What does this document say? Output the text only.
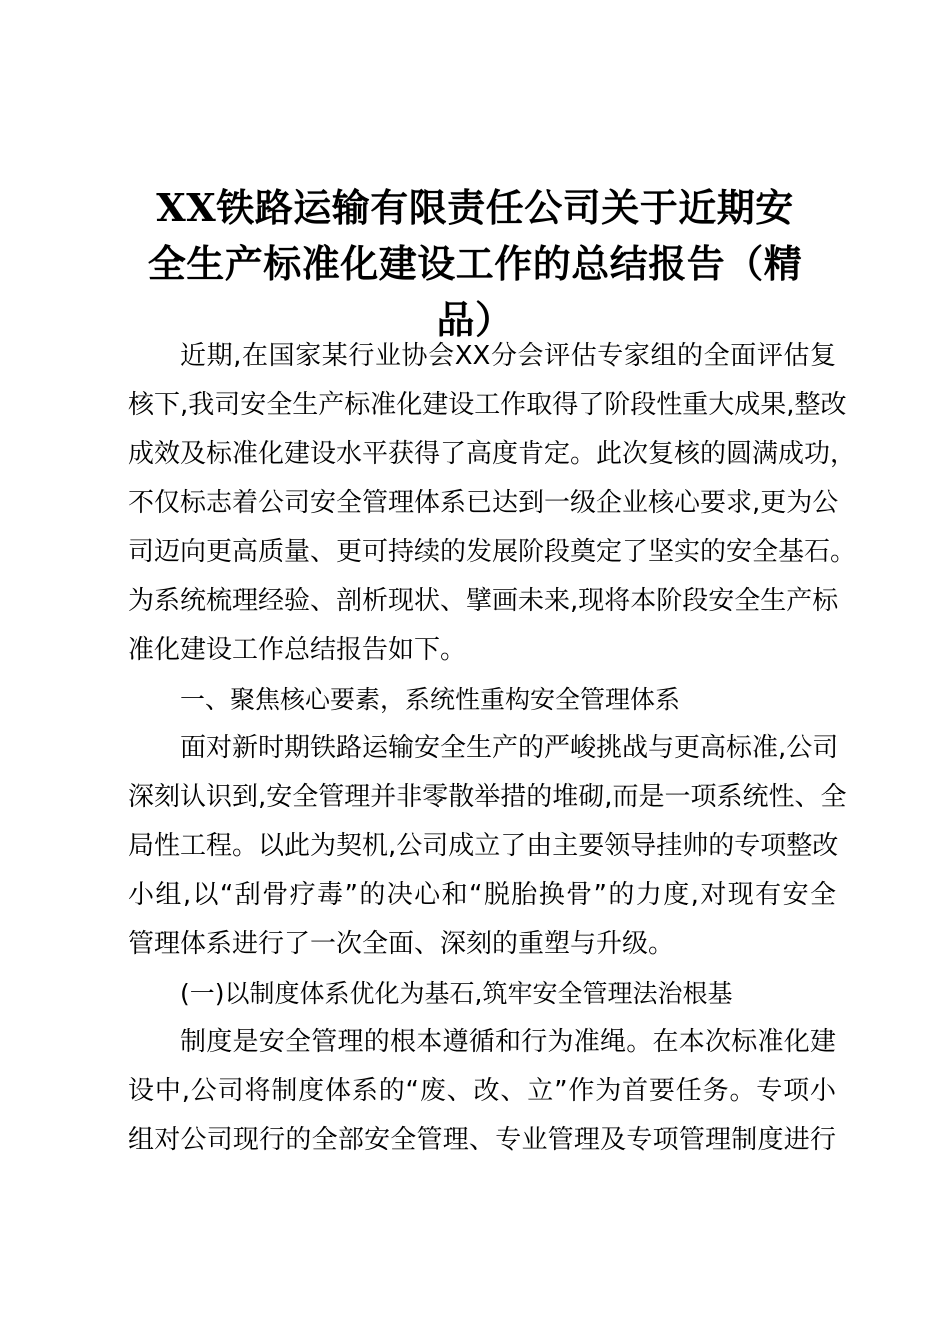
XX铁路运输有限责任公司关于近期安
全生产标准化建设工作的总结报告（精
品）
近期,在国家某行业协会XX分会评估专家组的全面评估复
核下,我司安全生产标准化建设工作取得了阶段性重大成果,整改
成效及标准化建设水平获得了高度肯定。此次复核的圆满成功，
不仅标志着公司安全管理体系已达到一级企业核心要求,更为公
司迈向更高质量、更可持续的发展阶段奠定了坚实的安全基石。
为系统梳理经验、剖析现状、擘画未来,现将本阶段安全生产标
准化建设工作总结报告如下。
一、聚焦核心要素，系统性重构安全管理体系
面对新时期铁路运输安全生产的严峻挑战与更高标准,公司
深刻认识到,安全管理并非零散举措的堆砌,而是一项系统性、全
局性工程。以此为契机,公司成立了由主要领导挂帅的专项整改
小组,以“刮骨疗毒”的决心和“脱胎换骨”的力度,对现有安全
管理体系进行了一次全面、深刻的重塑与升级。
(一)以制度体系优化为基石,筑牢安全管理法治根基
制度是安全管理的根本遵循和行为准绳。在本次标准化建
设中,公司将制度体系的“废、改、立”作为首要任务。专项小
组对公司现行的全部安全管理、专业管理及专项管理制度进行
